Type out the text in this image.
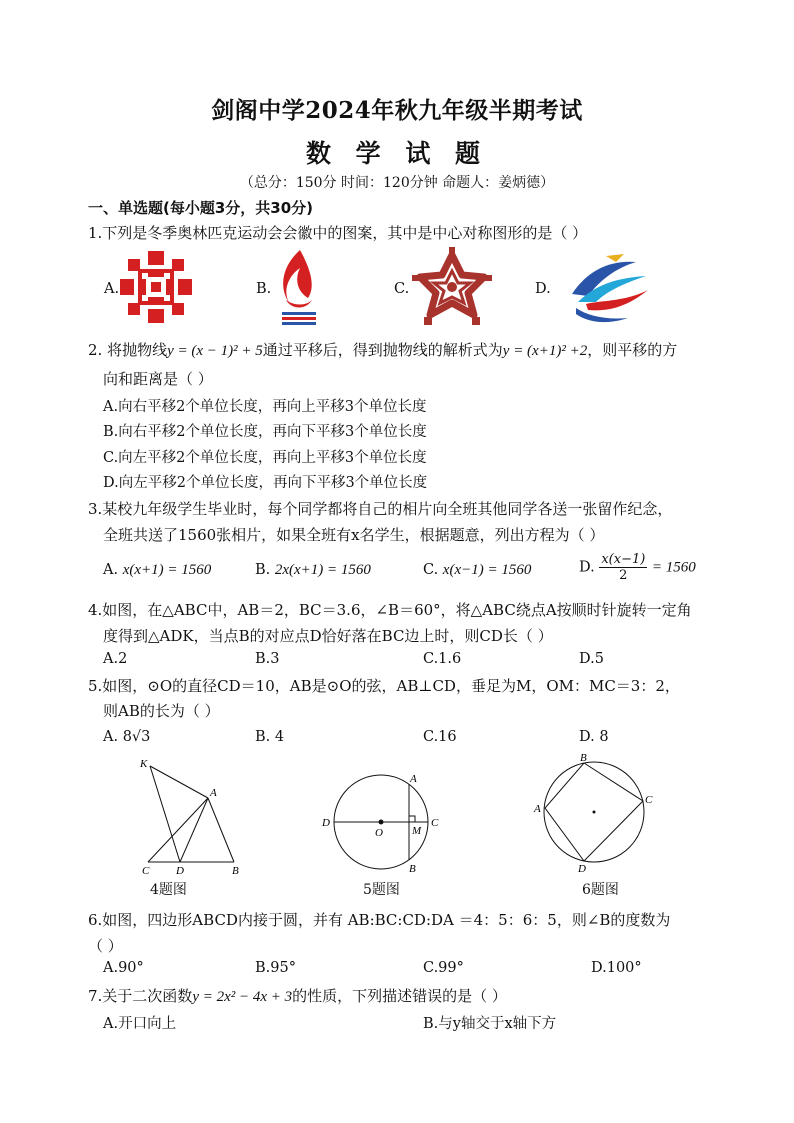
剑阁中学2024年秋九年级半期考试
数 学 试 题
（总分：150分 时间：120分钟 命题人：姜炳德）
一、单选题(每小题3分，共30分)
1.下列是冬季奥林匹克运动会会徽中的图案，其中是中心对称图形的是（ ）
A.	B.	C.	D.
2. 将抛物线y = (x − 1)² + 5通过平移后，得到抛物线的解析式为y = (x+1)² +2，则平移的方
向和距离是（ ）
A.向右平移2个单位长度，再向上平移3个单位长度
B.向右平移2个单位长度，再向下平移3个单位长度
C.向左平移2个单位长度，再向上平移3个单位长度
D.向左平移2个单位长度，再向下平移3个单位长度
3.某校九年级学生毕业时，每个同学都将自己的相片向全班其他同学各送一张留作纪念，
全班共送了1560张相片，如果全班有x名学生，根据题意，列出方程为（ ）
A. x(x+1) = 1560	B. 2x(x+1) = 1560	C. x(x−1) = 1560	D. $\frac{x(x-1)}{2} = 1560$
4.如图，在△ABC中，AB＝2，BC＝3.6，∠B＝60°，将△ABC绕点A按顺时针旋转一定角
度得到△ADK，当点B的对应点D恰好落在BC边上时，则CD长（ ）
A.2	B.3	C.1.6	D.5
5.如图，⊙O的直径CD＝10，AB是⊙O的弦，AB⊥CD，垂足为M，OM：MC＝3：2，
则AB的长为（ ）
A. 8√3	B. 4	C.16	D. 8
K
A
C D	B
4题图
A
D
O	M
C
B
5题图
B
A
C
D
6题图
6.如图，四边形ABCD内接于圆，并有 AB:BC:CD:DA ＝4：5：6：5，则∠B的度数为
（ ）
A.90°	B.95°	C.99°	D.100°
7.关于二次函数y = 2x² − 4x + 3的性质，下列描述错误的是（ ）
A.开口向上	B.与y轴交于x轴下方
